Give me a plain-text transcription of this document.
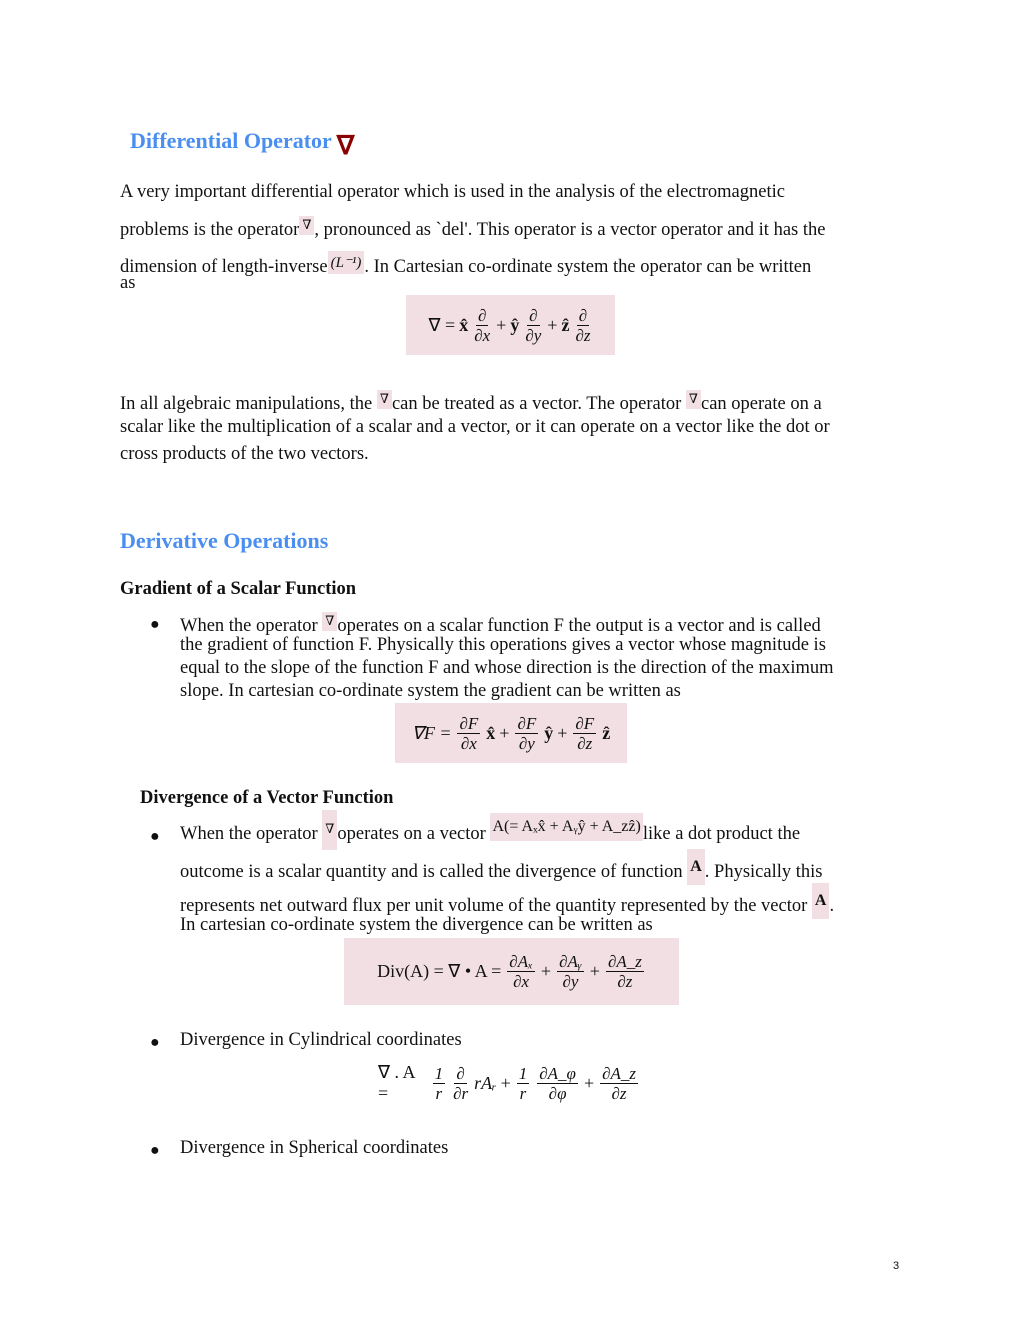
Differential Operator ∇
A very important differential operator which is used in the analysis of the electromagnetic
problems is the operator ∇ , pronounced as `del'. This operator is a vector operator and it has the
dimension of length-inverse (L⁻¹) . In Cartesian co-ordinate system the operator can be written
as
∇ = x̂ ∂
∂x
+ ŷ ∂
∂y
+ ẑ ∂
∂z
In all algebraic manipulations, the ∇ can be treated as a vector. The operator ∇ can operate on a
scalar like the multiplication of a scalar and a vector, or it can operate on a vector like the dot or
cross products of the two vectors.
Derivative Operations
Gradient of a Scalar Function
● When the operator ∇ operates on a scalar function F the output is a vector and is called
the gradient of function F. Physically this operations gives a vector whose magnitude is
equal to the slope of the function F and whose direction is the direction of the maximum
slope. In cartesian co-ordinate system the gradient can be written as
$\nabla F = \frac{\partial F}{\partial x}$ x̂ + $\frac{\partial F}{\partial y}$ ŷ + $\frac{\partial F}{\partial z}$ ẑ
Divergence of a Vector Function
● When the operator ∇ operates on a vector A(= Aₓx̂ + Aᵧŷ + A_zẑ) like a dot product the
outcome is a scalar quantity and is called the divergence of function A . Physically this
represents net outward flux per unit volume of the quantity represented by the vector A .
In cartesian co-ordinate system the divergence can be written as
Div(A) = ∇ • $A = \frac{\text{∂Aₓ}}{\partial x} + \frac{\text{∂Aᵧ}}{\partial y} + \frac{\partial A\_z}{\partial z}$
● Divergence in Cylindrical coordinates
∇ . A =	$\frac{1}{r}$ ∂
∂r
rAᵣ + $\frac{1}{r} \frac{\partial A\_\varphi}{\partial\varphi} + \frac{\partial A\_z}{\partial z}$
● Divergence in Spherical coordinates
3
